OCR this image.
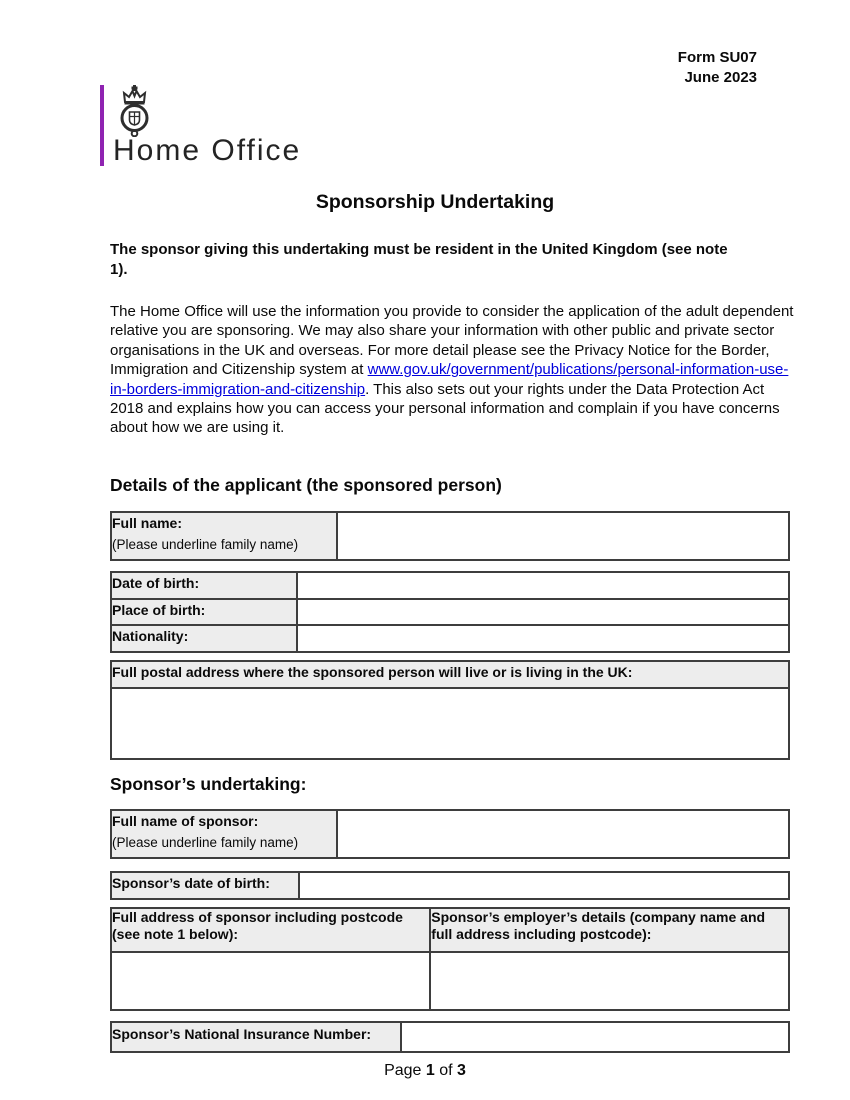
Form SU07
June 2023
Home Office
Sponsorship Undertaking
The sponsor giving this undertaking must be resident in the United Kingdom (see note 1).
The Home Office will use the information you provide to consider the application of the adult dependent relative you are sponsoring. We may also share your information with other public and private sector organisations in the UK and overseas. For more detail please see the Privacy Notice for the Border, Immigration and Citizenship system at www.gov.uk/government/publications/personal-information-use-in-borders-immigration-and-citizenship. This also sets out your rights under the Data Protection Act 2018 and explains how you can access your personal information and complain if you have concerns about how we are using it.
Details of the applicant (the sponsored person)
Full name:
(Please underline family name)

Date of birth:	

Place of birth:	

Nationality:	

Full postal address where the sponsored person will live or is living in the UK:

Sponsor’s undertaking:
Full name of sponsor:
(Please underline family name)

Sponsor’s date of birth:

Full address of sponsor including postcode (see note 1 below):	Sponsor’s employer’s details (company name and full address including postcode):

Sponsor’s National Insurance Number:

Page 1 of 3
